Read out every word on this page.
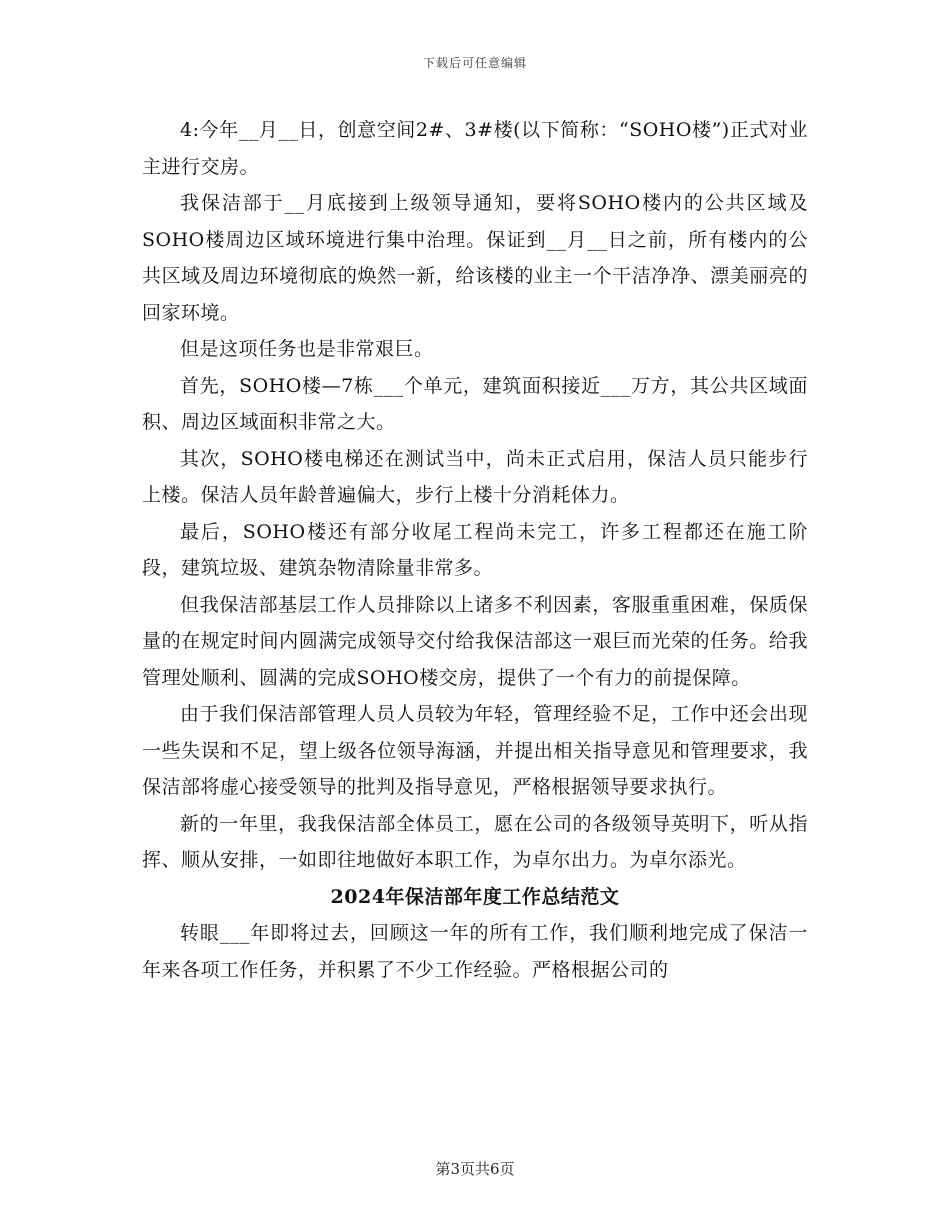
下载后可任意编辑

4:今年__月__日，创意空间2#、3#楼(以下简称：“SOHO楼”)正式对业主进行交房。

我保洁部于__月底接到上级领导通知，要将SOHO楼内的公共区域及SOHO楼周边区域环境进行集中治理。保证到__月__日之前，所有楼内的公共区域及周边环境彻底的焕然一新，给该楼的业主一个干洁净净、漂美丽亮的回家环境。

但是这项任务也是非常艰巨。

首先，SOHO楼—7栋___个单元，建筑面积接近___万方，其公共区域面积、周边区域面积非常之大。

其次，SOHO楼电梯还在测试当中，尚未正式启用，保洁人员只能步行上楼。保洁人员年龄普遍偏大，步行上楼十分消耗体力。

最后，SOHO楼还有部分收尾工程尚未完工，许多工程都还在施工阶段，建筑垃圾、建筑杂物清除量非常多。

但我保洁部基层工作人员排除以上诸多不利因素，客服重重困难，保质保量的在规定时间内圆满完成领导交付给我保洁部这一艰巨而光荣的任务。给我管理处顺利、圆满的完成SOHO楼交房，提供了一个有力的前提保障。

由于我们保洁部管理人员人员较为年轻，管理经验不足，工作中还会出现一些失误和不足，望上级各位领导海涵，并提出相关指导意见和管理要求，我保洁部将虚心接受领导的批判及指导意见，严格根据领导要求执行。

新的一年里，我我保洁部全体员工，愿在公司的各级领导英明下，听从指挥、顺从安排，一如即往地做好本职工作，为卓尔出力。为卓尔添光。

2024年保洁部年度工作总结范文

转眼___年即将过去，回顾这一年的所有工作，我们顺利地完成了保洁一年来各项工作任务，并积累了不少工作经验。严格根据公司的

第3页共6页
